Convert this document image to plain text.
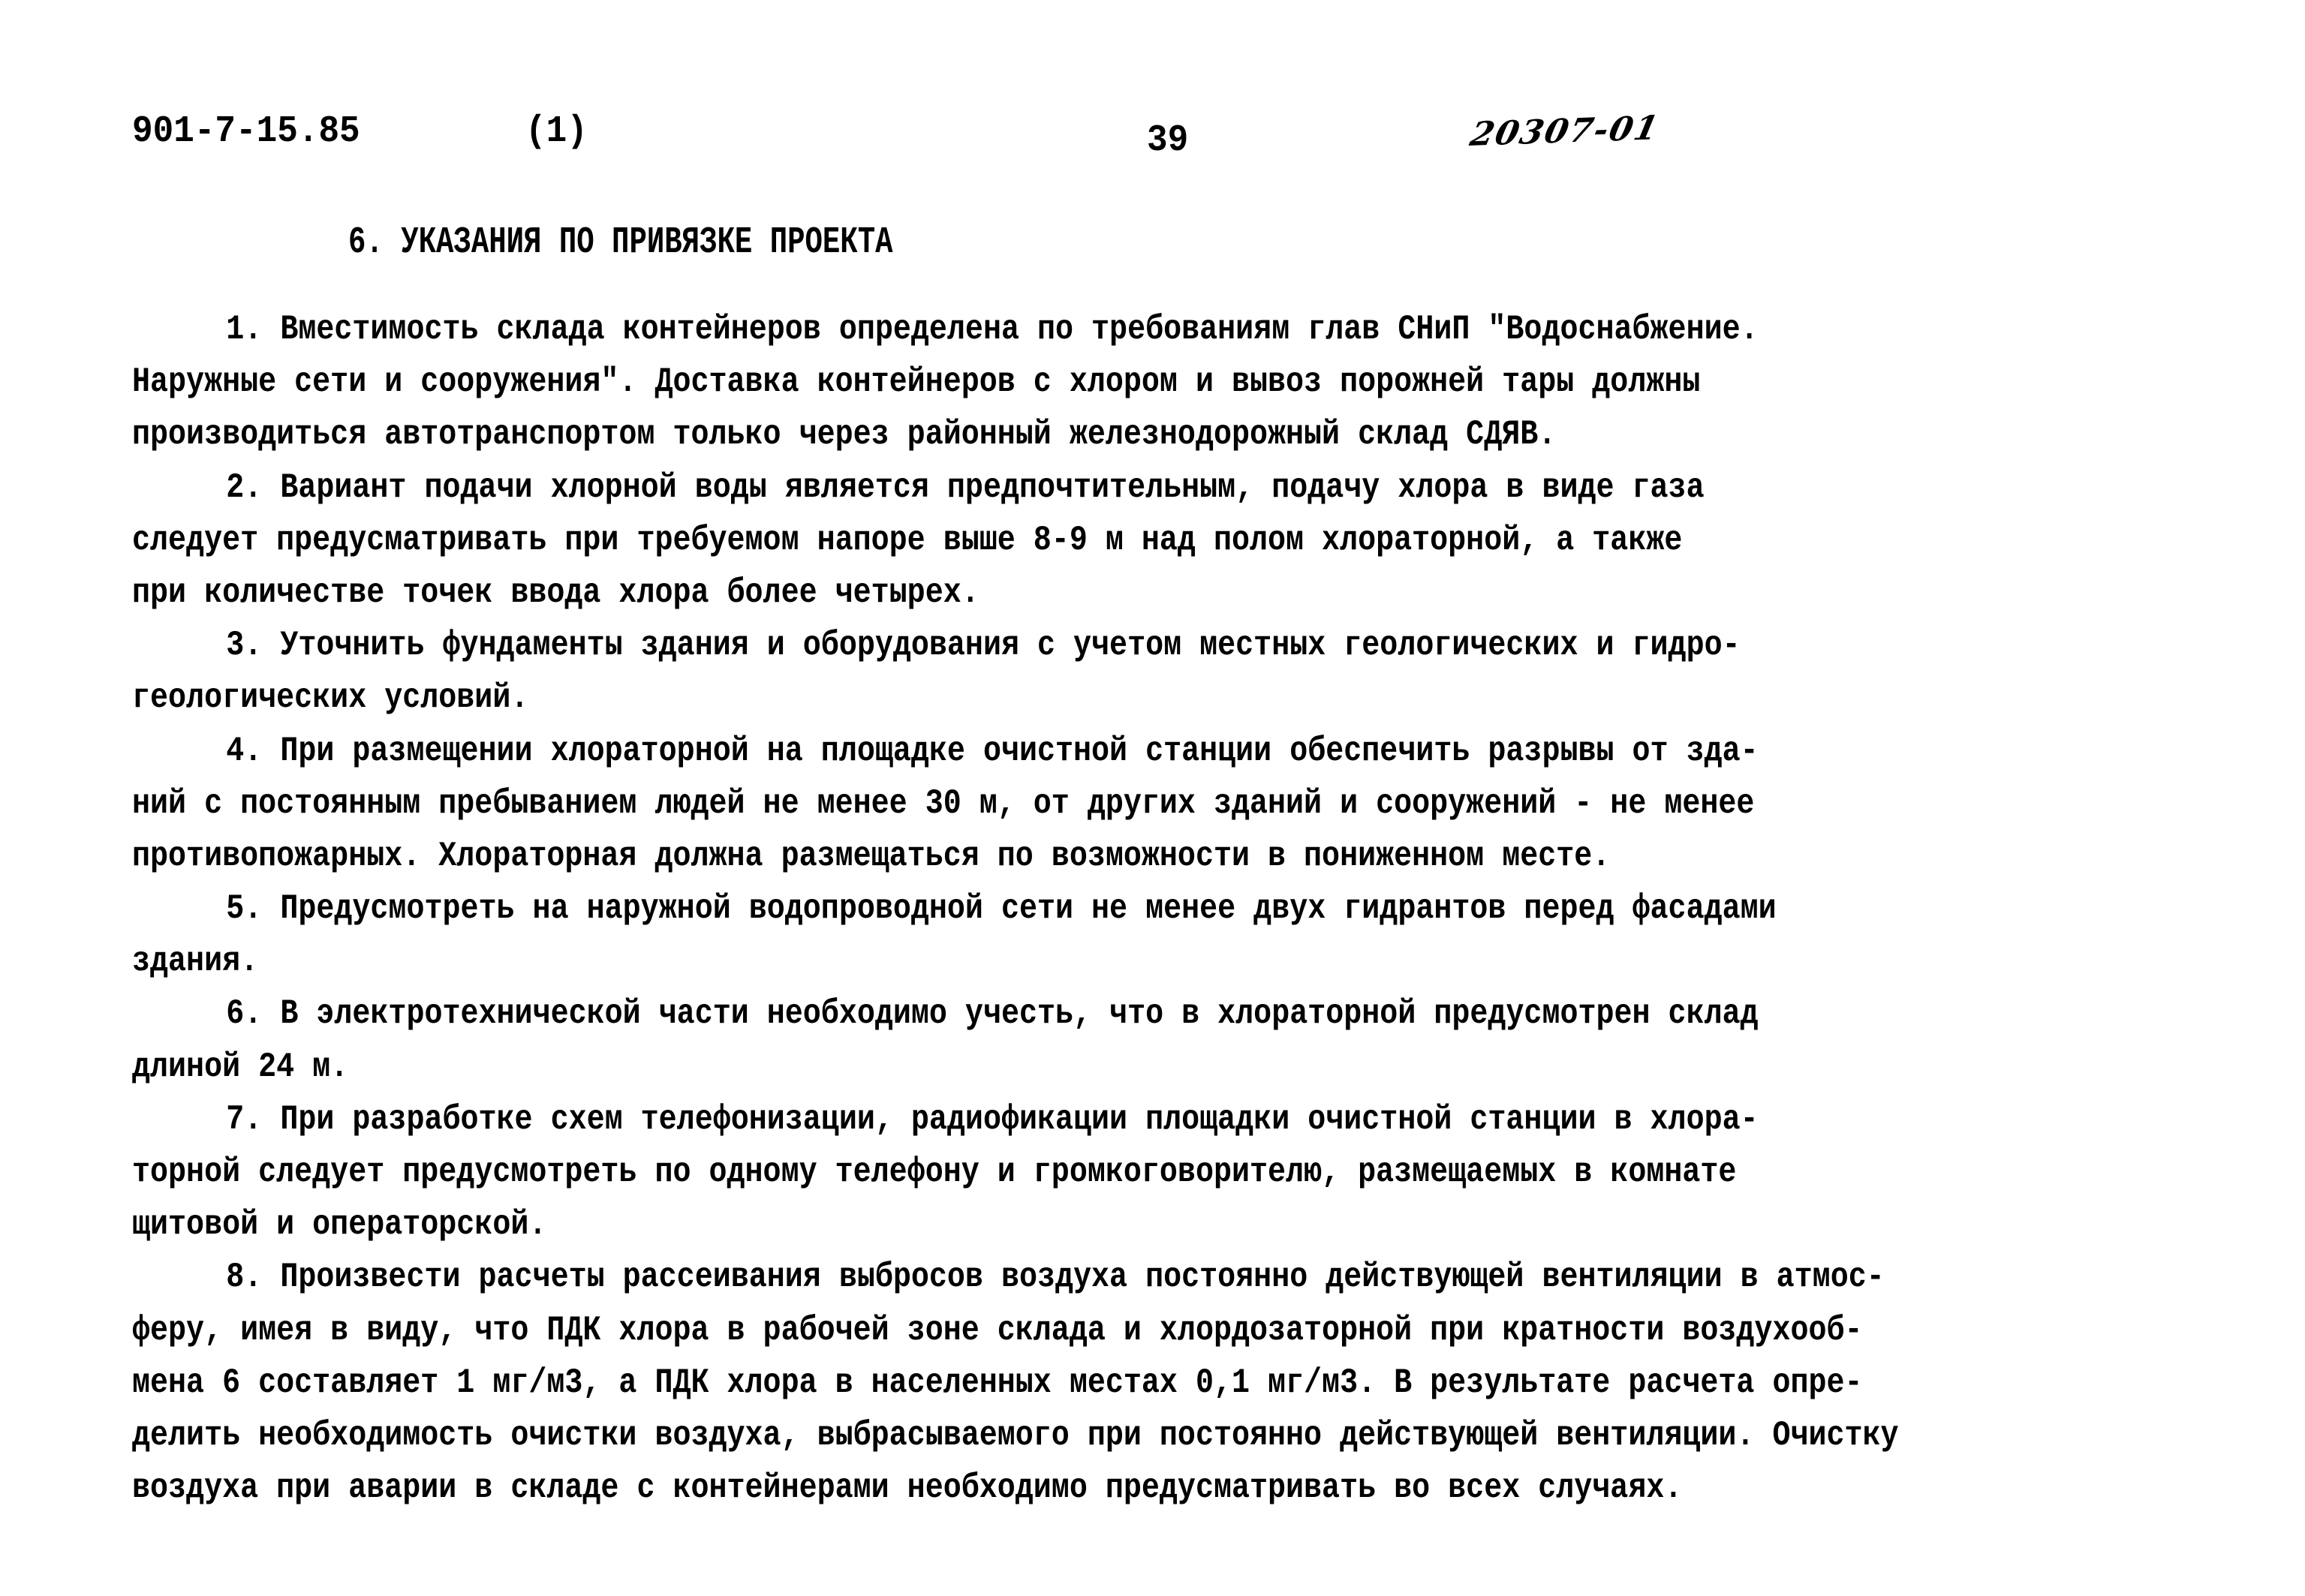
901-7-15.85	(1)	39	20307-01
6. УКАЗАНИЯ ПО ПРИВЯЗКЕ ПРОЕКТА
1. Вместимость склада контейнеров определена по требованиям глав СНиП "Водоснабжение.
Наружные сети и сооружения". Доставка контейнеров с хлором и вывоз порожней тары должны
производиться автотранспортом только через районный железнодорожный склад СДЯВ.
2. Вариант подачи хлорной воды является предпочтительным, подачу хлора в виде газа
следует предусматривать при требуемом напоре выше 8-9 м над полом хлораторной, а также
при количестве точек ввода хлора более четырех.
3. Уточнить фундаменты здания и оборудования с учетом местных геологических и гидро-
геологических условий.
4. При размещении хлораторной на площадке очистной станции обеспечить разрывы от зда-
ний с постоянным пребыванием людей не менее 30 м, от других зданий и сооружений - не менее
противопожарных. Хлораторная должна размещаться по возможности в пониженном месте.
5. Предусмотреть на наружной водопроводной сети не менее двух гидрантов перед фасадами
здания.
6. В электротехнической части необходимо учесть, что в хлораторной предусмотрен склад
длиной 24 м.
7. При разработке схем телефонизации, радиофикации площадки очистной станции в хлора-
торной следует предусмотреть по одному телефону и громкоговорителю, размещаемых в комнате
щитовой и операторской.
8. Произвести расчеты рассеивания выбросов воздуха постоянно действующей вентиляции в атмос-
феру, имея в виду, что ПДК хлора в рабочей зоне склада и хлордозаторной при кратности воздухооб-
мена 6 составляет 1 мг/м3, а ПДК хлора в населенных местах 0,1 мг/м3. В результате расчета опре-
делить необходимость очистки воздуха, выбрасываемого при постоянно действующей вентиляции. Очистку
воздуха при аварии в складе с контейнерами необходимо предусматривать во всех случаях.
